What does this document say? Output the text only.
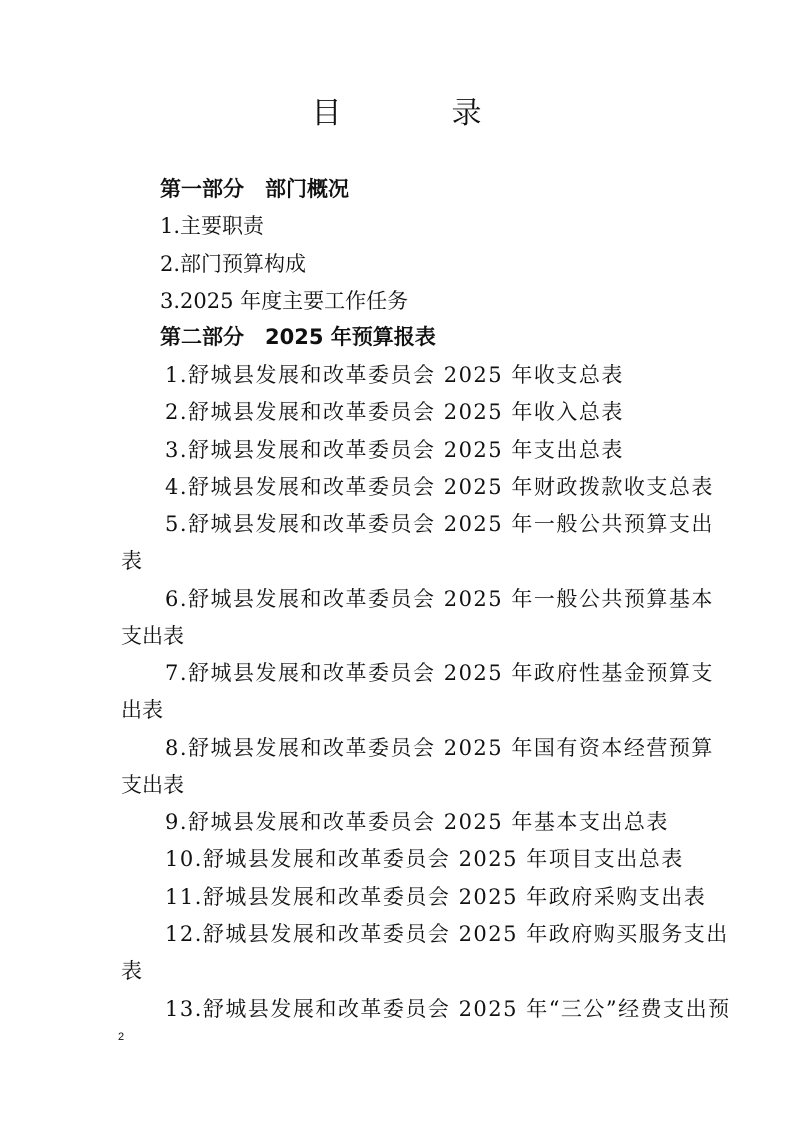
目　录
第一部分　部门概况
1.主要职责
2.部门预算构成
3.2025 年度主要工作任务
第二部分　2025 年预算报表
1.舒城县发展和改革委员会 2025 年收支总表
2.舒城县发展和改革委员会 2025 年收入总表
3.舒城县发展和改革委员会 2025 年支出总表
4.舒城县发展和改革委员会 2025 年财政拨款收支总表
5.舒城县发展和改革委员会 2025 年一般公共预算支出
表
6.舒城县发展和改革委员会 2025 年一般公共预算基本
支出表
7.舒城县发展和改革委员会 2025 年政府性基金预算支
出表
8.舒城县发展和改革委员会 2025 年国有资本经营预算
支出表
9.舒城县发展和改革委员会 2025 年基本支出总表
10.舒城县发展和改革委员会 2025 年项目支出总表
11.舒城县发展和改革委员会 2025 年政府采购支出表
12.舒城县发展和改革委员会 2025 年政府购买服务支出
表
13.舒城县发展和改革委员会 2025 年“三公”经费支出预
2
